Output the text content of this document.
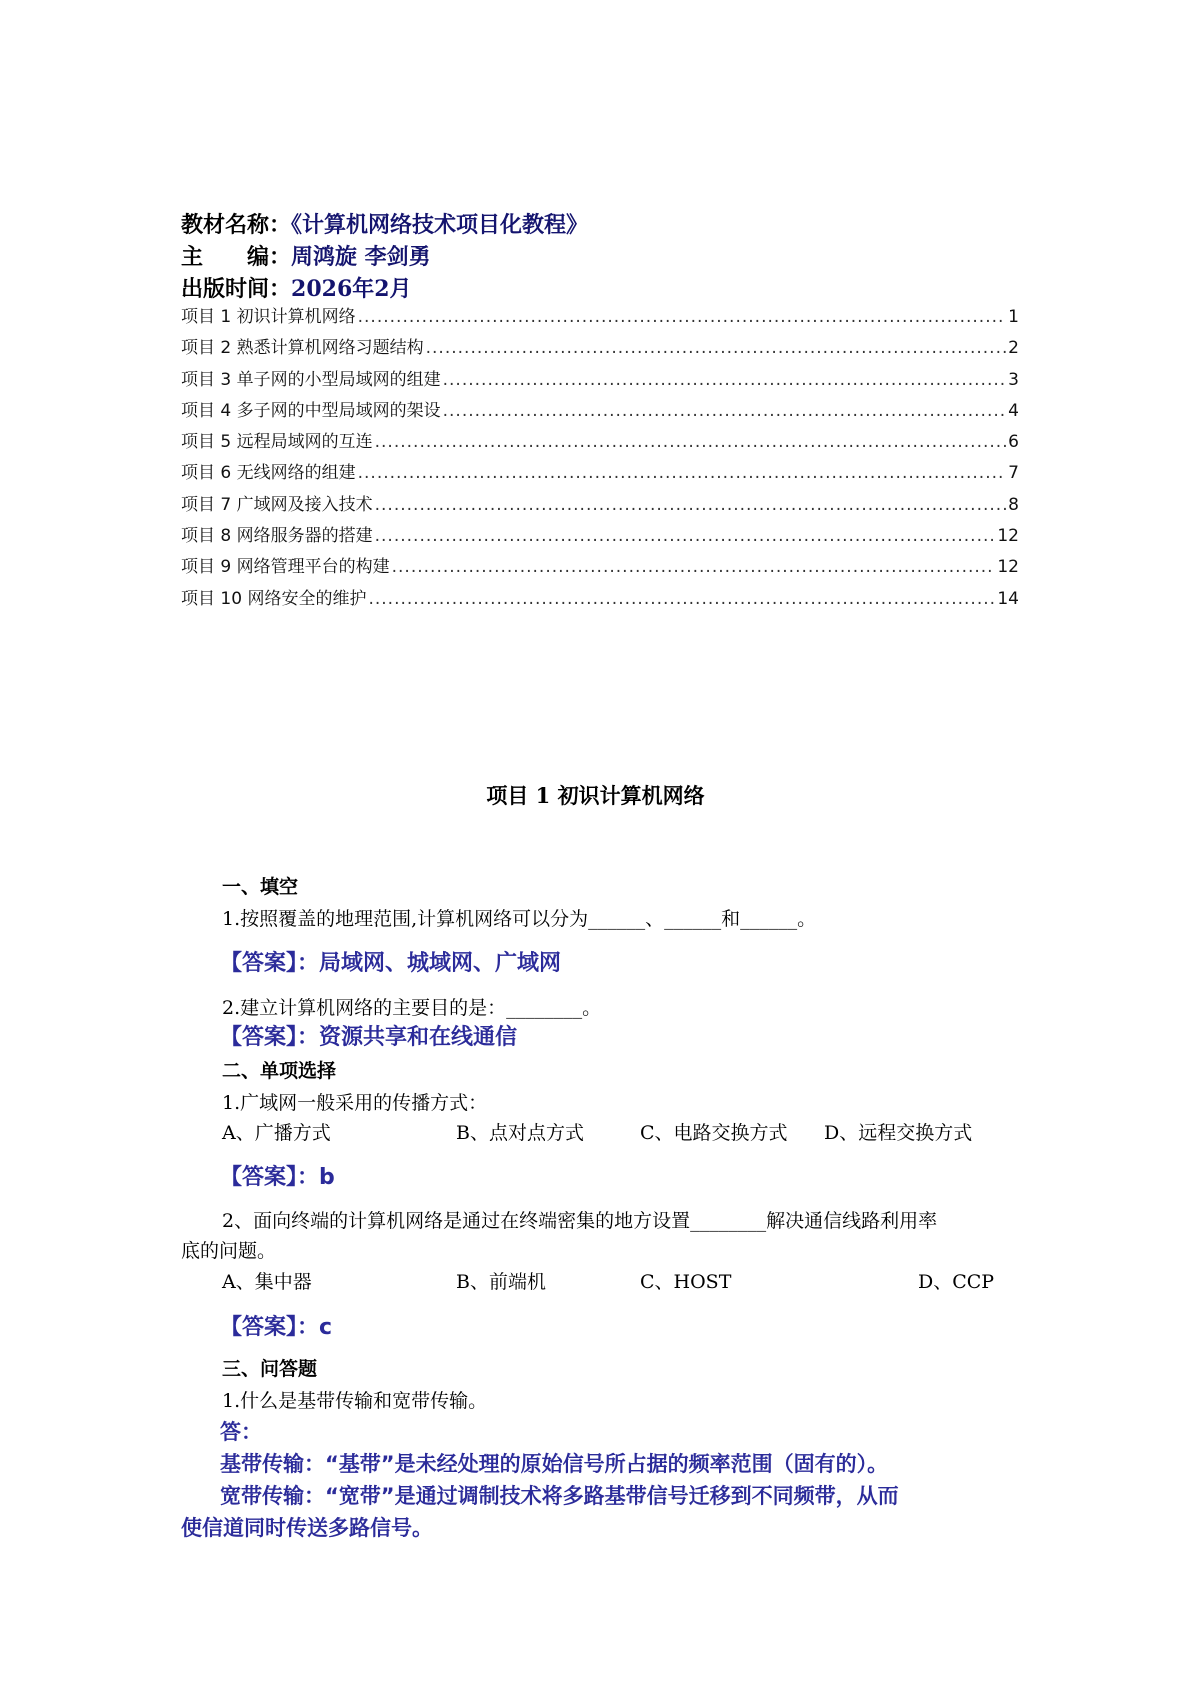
教材名称：《计算机网络技术项目化教程》
主　　编：周鸿旋 李剑勇
出版时间：2026年2月
项目 1 初识计算机网络 .....	1
项目 2 熟悉计算机网络习题结构 .....	2
项目 3 单子网的小型局域网的组建 .....	3
项目 4 多子网的中型局域网的架设 .....	4
项目 5 远程局域网的互连 .....	6
项目 6 无线网络的组建 .....	7
项目 7 广域网及接入技术 .....	8
项目 8 网络服务器的搭建 .....	12
项目 9 网络管理平台的构建 .....	12
项目 10 网络安全的维护 .....	14
项目 1 初识计算机网络
一、填空
1.按照覆盖的地理范围,计算机网络可以分为______、______和______。
【答案】：局域网、城域网、广域网
2.建立计算机网络的主要目的是：________。
【答案】：资源共享和在线通信
二、单项选择
1.广域网一般采用的传播方式：
A、广播方式	B、点对点方式	C、电路交换方式 D、远程交换方式
【答案】：b
2、面向终端的计算机网络是通过在终端密集的地方设置________解决通信线路利用率
底的问题。
A、集中器	B、前端机	C、HOST	D、CCP
【答案】：c
三、问答题
1.什么是基带传输和宽带传输。
答：
基带传输：“基带”是未经处理的原始信号所占据的频率范围（固有的）。
宽带传输：“宽带”是通过调制技术将多路基带信号迁移到不同频带，从而
使信道同时传送多路信号。
